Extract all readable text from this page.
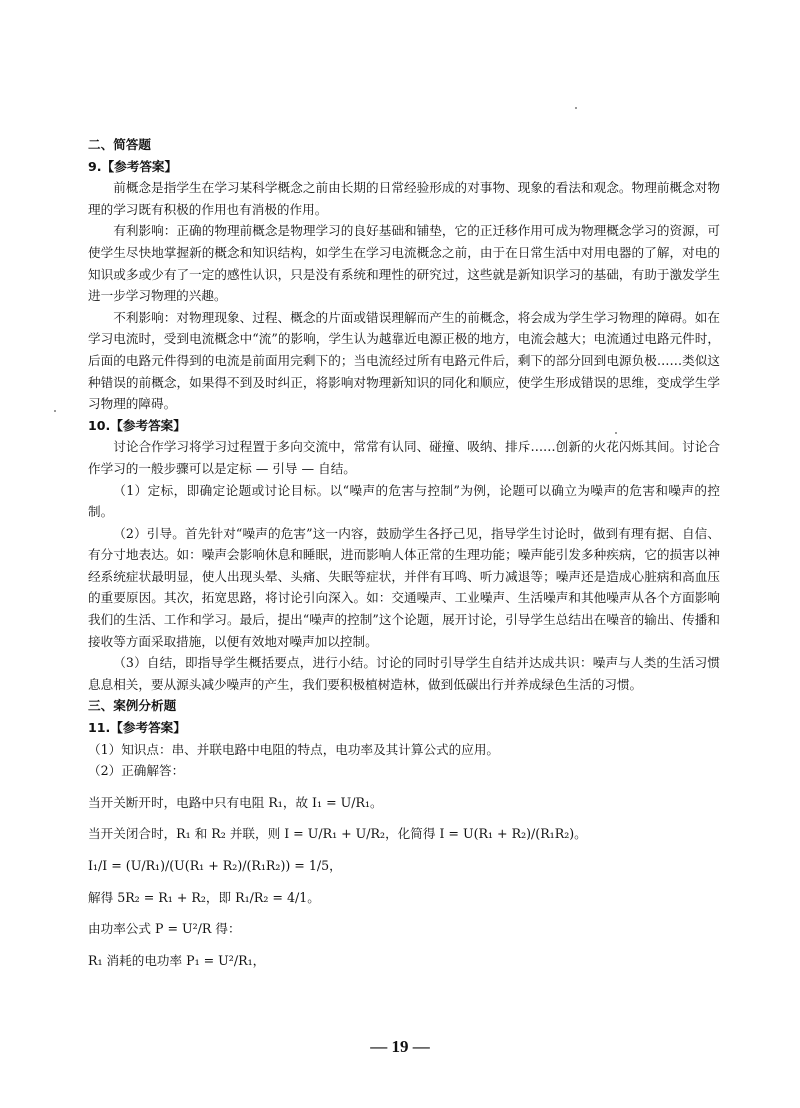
二、简答题
9.【参考答案】

前概念是指学生在学习某科学概念之前由长期的日常经验形成的对事物、现象的看法和观念。物理前概念对物理的学习既有积极的作用也有消极的作用。

有利影响：正确的物理前概念是物理学习的良好基础和铺垫，它的正迁移作用可成为物理概念学习的资源，可使学生尽快地掌握新的概念和知识结构，如学生在学习电流概念之前，由于在日常生活中对用电器的了解，对电的知识或多或少有了一定的感性认识，只是没有系统和理性的研究过，这些就是新知识学习的基础，有助于激发学生进一步学习物理的兴趣。

不利影响：对物理现象、过程、概念的片面或错误理解而产生的前概念，将会成为学生学习物理的障碍。如在学习电流时，受到电流概念中“流”的影响，学生认为越靠近电源正极的地方，电流会越大；电流通过电路元件时，后面的电路元件得到的电流是前面用完剩下的；当电流经过所有电路元件后，剩下的部分回到电源负极……类似这种错误的前概念，如果得不到及时纠正，将影响对物理新知识的同化和顺应，使学生形成错误的思维，变成学生学习物理的障碍。

10.【参考答案】

讨论合作学习将学习过程置于多向交流中，常常有认同、碰撞、吸纳、排斥……创新的火花闪烁其间。讨论合作学习的一般步骤可以是定标 — 引导 — 自结。

（1）定标，即确定论题或讨论目标。以“噪声的危害与控制”为例，论题可以确立为噪声的危害和噪声的控制。

（2）引导。首先针对“噪声的危害”这一内容，鼓励学生各抒己见，指导学生讨论时，做到有理有据、自信、有分寸地表达。如：噪声会影响休息和睡眠，进而影响人体正常的生理功能；噪声能引发多种疾病，它的损害以神经系统症状最明显，使人出现头晕、头痛、失眠等症状，并伴有耳鸣、听力减退等；噪声还是造成心脏病和高血压的重要原因。其次，拓宽思路，将讨论引向深入。如：交通噪声、工业噪声、生活噪声和其他噪声从各个方面影响我们的生活、工作和学习。最后，提出“噪声的控制”这个论题，展开讨论，引导学生总结出在噪音的输出、传播和接收等方面采取措施，以便有效地对噪声加以控制。

（3）自结，即指导学生概括要点，进行小结。讨论的同时引导学生自结并达成共识：噪声与人类的生活习惯息息相关，要从源头减少噪声的产生，我们要积极植树造林，做到低碳出行并养成绿色生活的习惯。

三、案例分析题
11.【参考答案】

（1）知识点：串、并联电路中电阻的特点，电功率及其计算公式的应用。

（2）正确解答：

当开关断开时，电路中只有电阻 R₁，故 I₁ = U/R₁。

当开关闭合时，R₁ 和 R₂ 并联，则 I = U/R₁ + U/R₂，化简得 I = U(R₁ + R₂)/(R₁R₂)。

I₁/I = (U/R₁)/(U(R₁ + R₂)/(R₁R₂)) = 1/5，

解得 5R₂ = R₁ + R₂，即 R₁/R₂ = 4/1。

由功率公式 P = U²/R 得：

R₁ 消耗的电功率 P₁ = U²/R₁，

— 19 —
